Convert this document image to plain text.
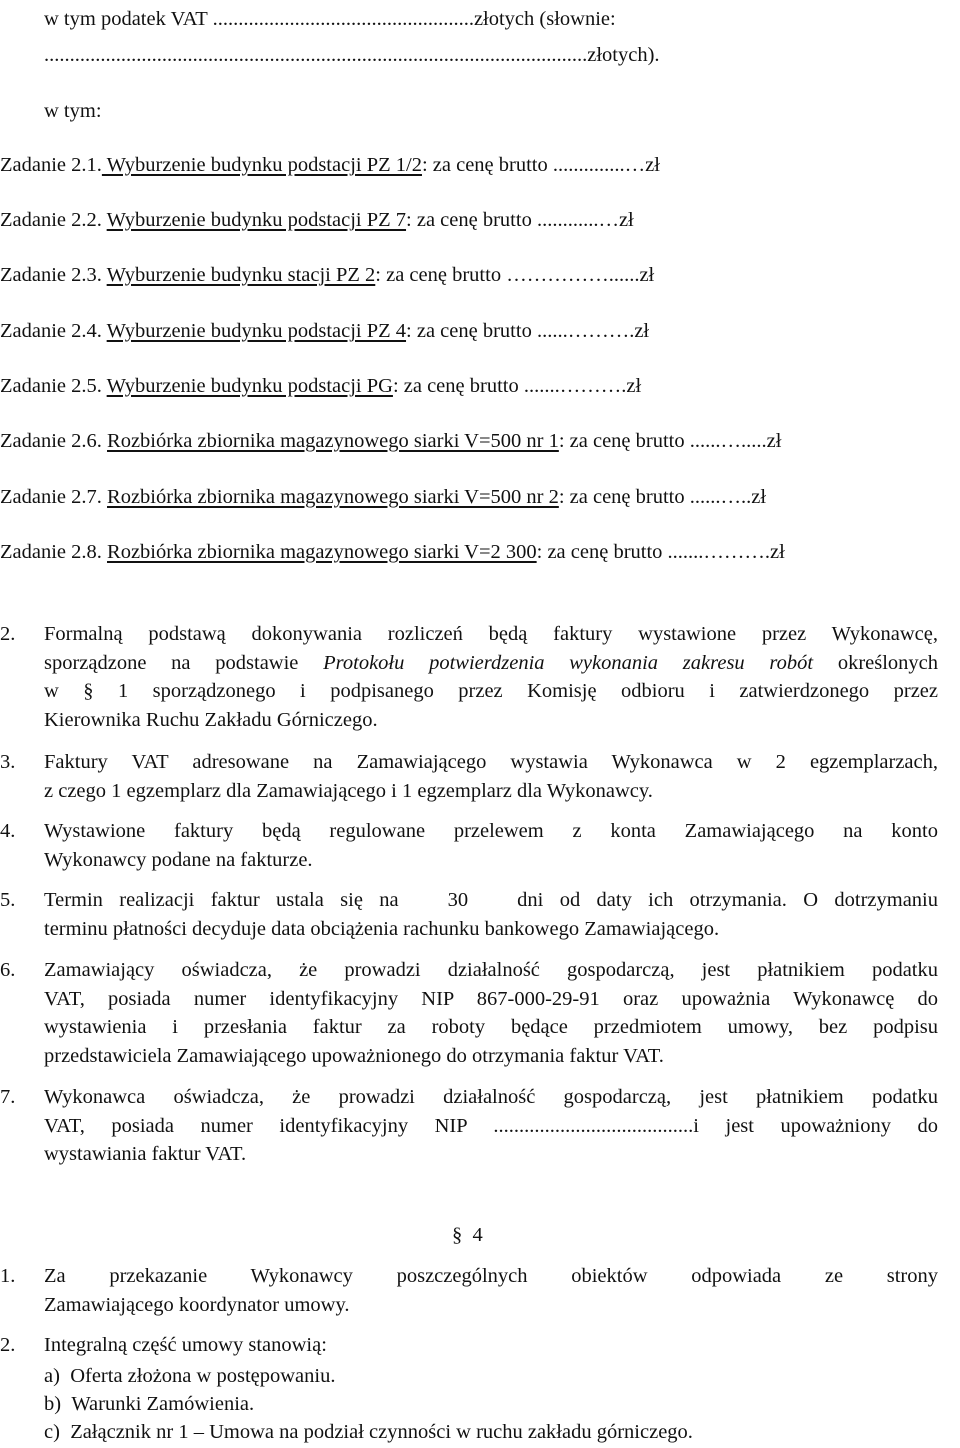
w tym podatek VAT ...................................................złotych (słownie:
..........................................................................................................złotych).
w tym:
Zadanie 2.1. Wyburzenie budynku podstacji PZ 1/2: za cenę brutto ..............…zł
Zadanie 2.2. Wyburzenie budynku podstacji PZ 7: za cenę brutto ............…zł
Zadanie 2.3. Wyburzenie budynku stacji PZ 2: za cenę brutto ……………......zł
Zadanie 2.4. Wyburzenie budynku podstacji PZ 4: za cenę brutto ......……….zł
Zadanie 2.5. Wyburzenie budynku podstacji PG: za cenę brutto .......……….zł
Zadanie 2.6. Rozbiórka zbiornika magazynowego siarki V=500 nr 1: za cenę brutto ......….....zł
Zadanie 2.7. Rozbiórka zbiornika magazynowego siarki V=500 nr 2: za cenę brutto ......…..zł
Zadanie 2.8. Rozbiórka zbiornika magazynowego siarki V=2 300: za cenę brutto .......……….zł
2. Formalną podstawą dokonywania rozliczeń będą faktury wystawione przez Wykonawcę,
sporządzone na podstawie Protokołu potwierdzenia wykonania zakresu robót określonych
w § 1 sporządzonego i podpisanego przez Komisję odbioru i zatwierdzonego przez
Kierownika Ruchu Zakładu Górniczego.
3. Faktury VAT adresowane na Zamawiającego wystawia Wykonawca w 2 egzemplarzach,
z czego 1 egzemplarz dla Zamawiającego i 1 egzemplarz dla Wykonawcy.
4. Wystawione faktury będą regulowane przelewem z konta Zamawiającego na konto
Wykonawcy podane na fakturze.
5. Termin realizacji faktur ustala się na   30   dni od daty ich otrzymania. O dotrzymaniu
terminu płatności decyduje data obciążenia rachunku bankowego Zamawiającego.
6. Zamawiający oświadcza, że prowadzi działalność gospodarczą, jest płatnikiem podatku
VAT, posiada numer identyfikacyjny NIP 867-000-29-91 oraz upoważnia Wykonawcę do
wystawienia i przesłania faktur za roboty będące przedmiotem umowy, bez podpisu
przedstawiciela Zamawiającego upoważnionego do otrzymania faktur VAT.
7. Wykonawca oświadcza, że prowadzi działalność gospodarczą, jest płatnikiem podatku
VAT, posiada numer identyfikacyjny NIP .......................................i jest upoważniony do
wystawiania faktur VAT.
§  4
1. Za przekazanie Wykonawcy poszczególnych obiektów odpowiada ze strony
Zamawiającego koordynator umowy.
2. Integralną część umowy stanowią:
a) Oferta złożona w postępowaniu.
b) Warunki Zamówienia.
c) Załącznik nr 1 – Umowa na podział czynności w ruchu zakładu górniczego.
